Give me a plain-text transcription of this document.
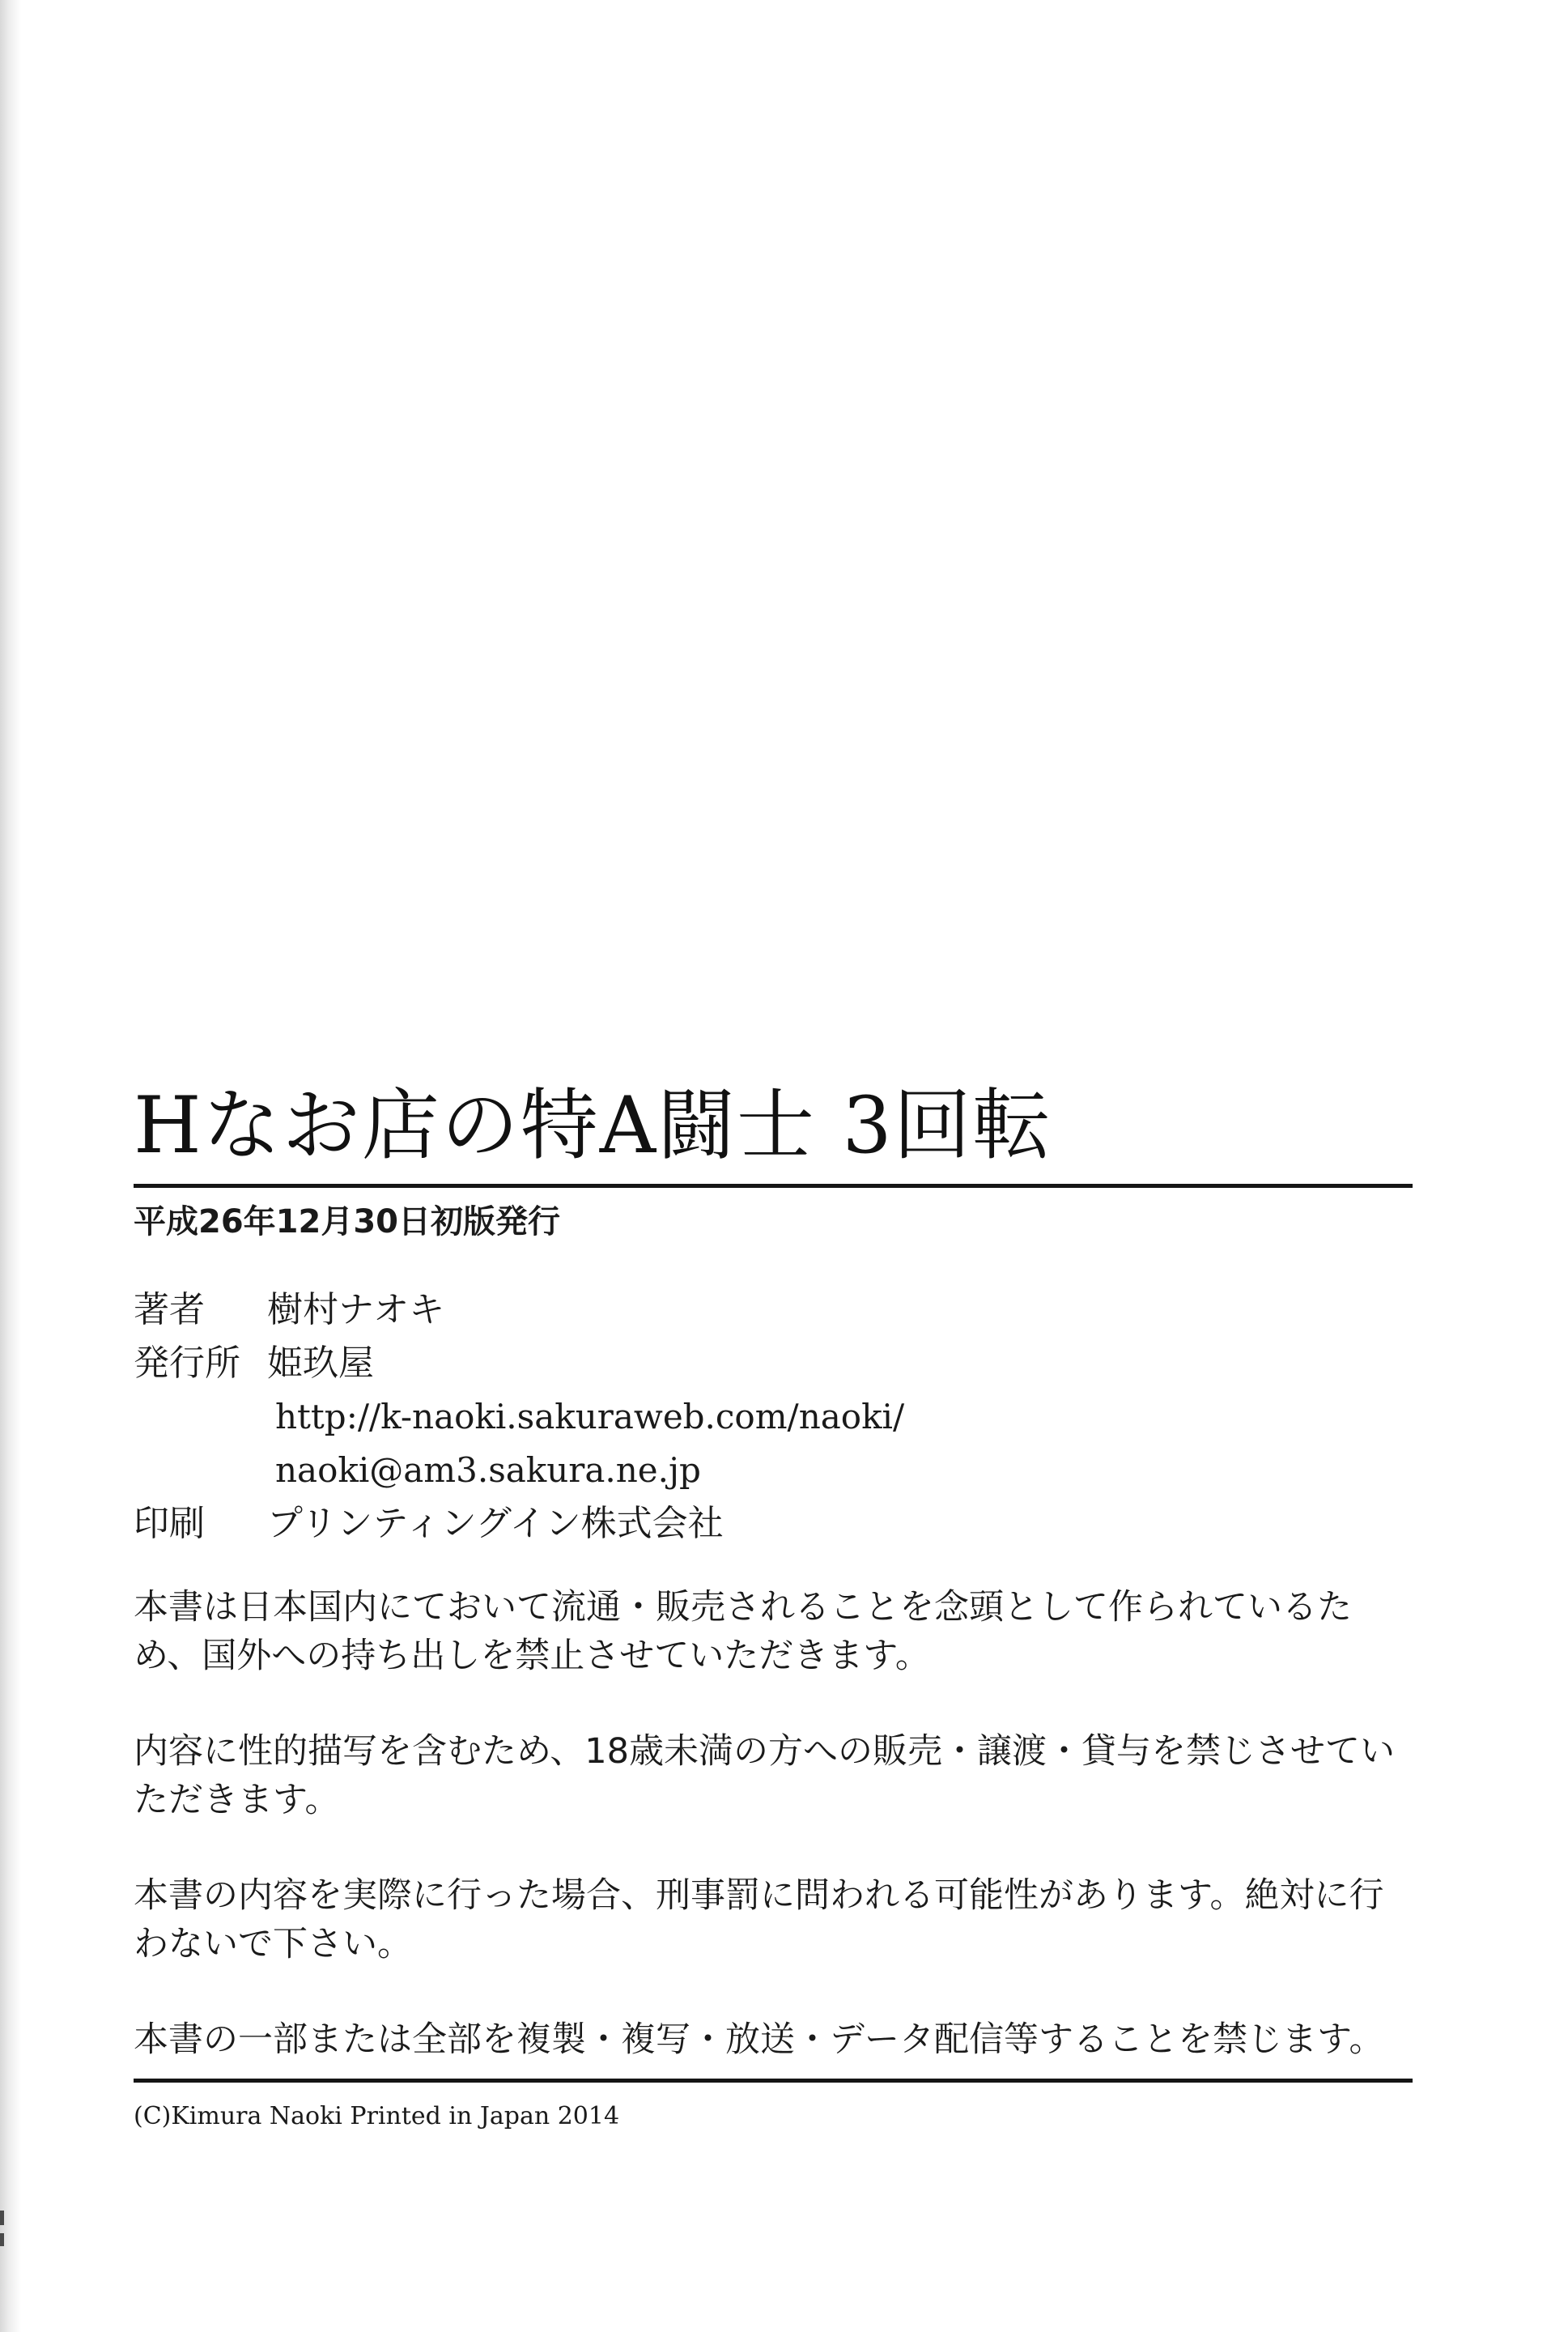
Hなお店の特A闘士 3回転
平成26年12月30日初版発行
著者	樹村ナオキ
発行所 姫玖屋
http://k-naoki.sakuraweb.com/naoki/
naoki@am3.sakura.ne.jp
印刷	プリンティングイン株式会社
本書は日本国内にておいて流通・販売されることを念頭として作られているため、国外への持ち出しを禁止させていただきます。
内容に性的描写を含むため、18歳未満の方への販売・譲渡・貸与を禁じさせていただきます。
本書の内容を実際に行った場合、刑事罰に問われる可能性があります。絶対に行わないで下さい。
本書の一部または全部を複製・複写・放送・データ配信等することを禁じます。
(C)Kimura Naoki Printed in Japan 2014
